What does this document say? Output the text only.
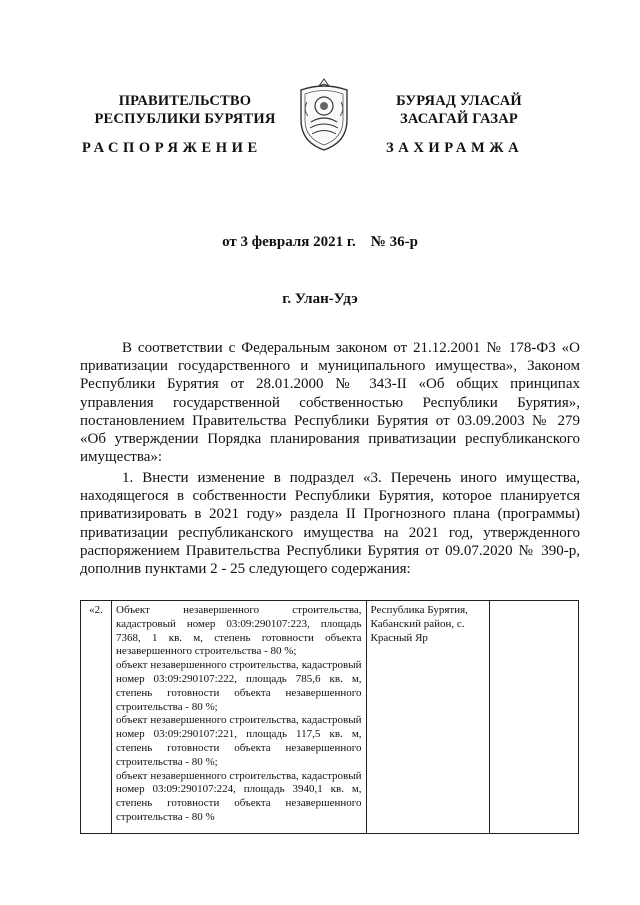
ПРАВИТЕЛЬСТВО
РЕСПУБЛИКИ БУРЯТИЯ
РАСПОРЯЖЕНИЕ
БУРЯАД УЛАСАЙ
ЗАСАГАЙ ГАЗАР
ЗАХИРАМЖА
от 3 февраля 2021 г.    № 36-р
г. Улан-Удэ
В соответствии с Федеральным законом от 21.12.2001 № 178-ФЗ «О приватизации государственного и муниципального имущества», Законом Республики Бурятия от 28.01.2000 № 343-II «Об общих принципах управления государственной собственностью Республики Бурятия», постановлением Правительства Республики Бурятия от 03.09.2003 № 279 «Об утверждении Порядка планирования приватизации республиканского имущества»:
1. Внести изменение в подраздел «3. Перечень иного имущества, находящегося в собственности Республики Бурятия, которое планируется приватизировать в 2021 году» раздела II Прогнозного плана (программы) приватизации республиканского имущества на 2021 год, утвержденного распоряжением Правительства Республики Бурятия от 09.07.2020 № 390-р, дополнив пунктами 2 - 25 следующего содержания:
«2.	Объект незавершенного строительства, кадастровый номер 03:09:290107:223, площадь 7368, 1 кв. м, степень готовности объекта незавершенного строительства - 80 %;
объект незавершенного строительства, кадастровый номер 03:09:290107:222, площадь 785,6 кв. м, степень готовности объекта незавершенного строительства - 80 %;
объект незавершенного строительства, кадастровый номер 03:09:290107:221, площадь 117,5 кв. м, степень готовности объекта незавершенного строительства - 80 %;
объект незавершенного строительства, кадастровый номер 03:09:290107:224, площадь 3940,1 кв. м, степень готовности объекта незавершенного строительства - 80 %
	Республика Бурятия, Кабанский район, с. Красный Яр	
